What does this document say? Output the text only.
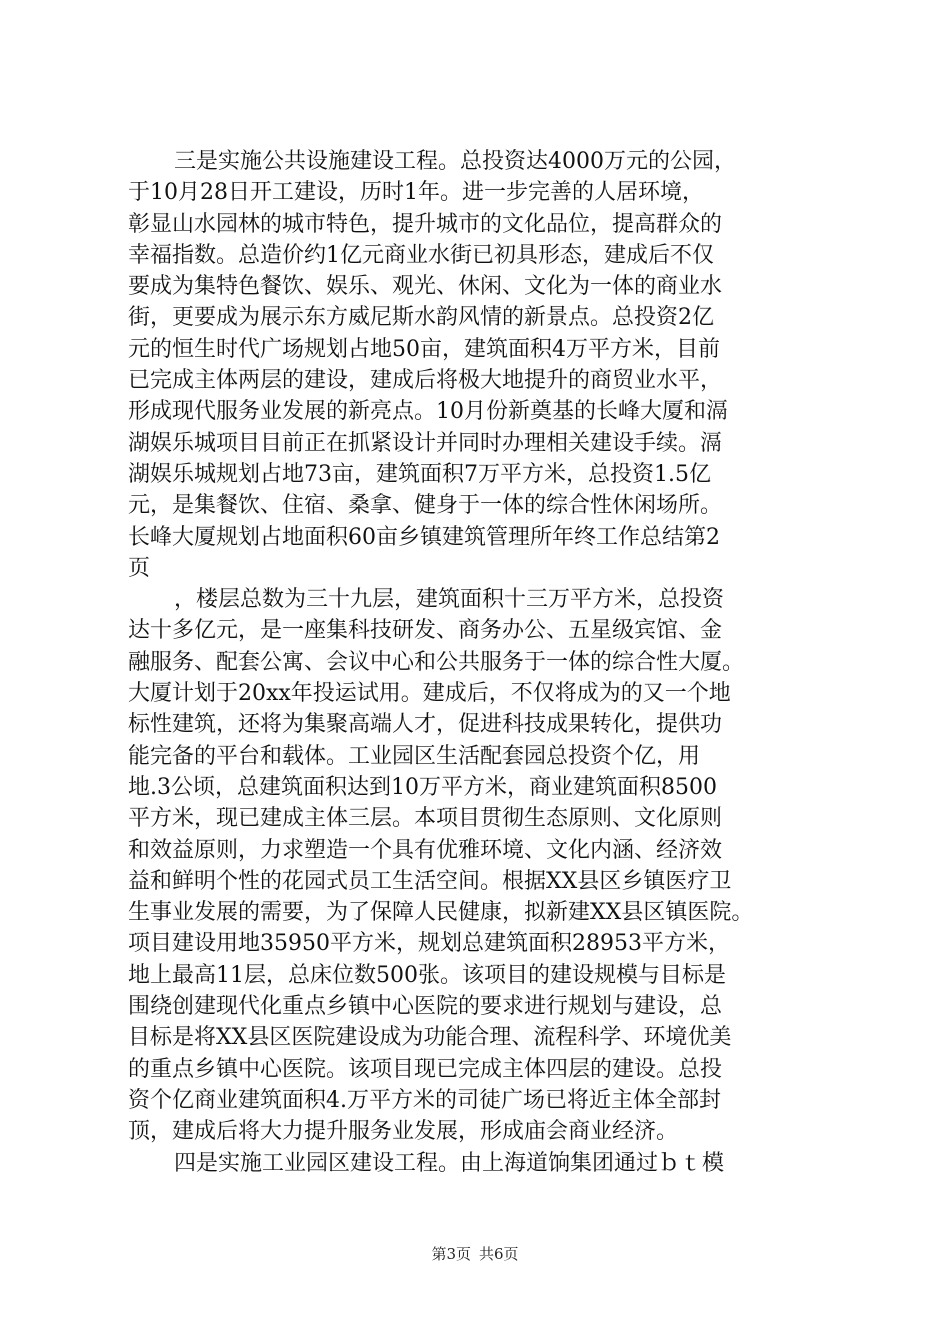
三是实施公共设施建设工程。总投资达4000万元的公园，
于10月28日开工建设，历时1年。进一步完善的人居环境，
彰显山水园林的城市特色，提升城市的文化品位，提高群众的
幸福指数。总造价约1亿元商业水街已初具形态，建成后不仅
要成为集特色餐饮、娱乐、观光、休闲、文化为一体的商业水
街，更要成为展示东方威尼斯水韵风情的新景点。总投资2亿
元的恒生时代广场规划占地50亩，建筑面积4万平方米，目前
已完成主体两层的建设，建成后将极大地提升的商贸业水平，
形成现代服务业发展的新亮点。10月份新奠基的长峰大厦和滆
湖娱乐城项目目前正在抓紧设计并同时办理相关建设手续。滆
湖娱乐城规划占地73亩，建筑面积7万平方米，总投资1.5亿
元，是集餐饮、住宿、桑拿、健身于一体的综合性休闲场所。
长峰大厦规划占地面积60亩乡镇建筑管理所年终工作总结第2
页
，楼层总数为三十九层，建筑面积十三万平方米，总投资
达十多亿元，是一座集科技研发、商务办公、五星级宾馆、金
融服务、配套公寓、会议中心和公共服务于一体的综合性大厦。
大厦计划于20xx年投运试用。建成后，不仅将成为的又一个地
标性建筑，还将为集聚高端人才，促进科技成果转化，提供功
能完备的平台和载体。工业园区生活配套园总投资个亿，用
地.3公顷，总建筑面积达到10万平方米，商业建筑面积8500
平方米，现已建成主体三层。本项目贯彻生态原则、文化原则
和效益原则，力求塑造一个具有优雅环境、文化内涵、经济效
益和鲜明个性的花园式员工生活空间。根据XX县区乡镇医疗卫
生事业发展的需要，为了保障人民健康，拟新建XX县区镇医院。
项目建设用地35950平方米，规划总建筑面积28953平方米，
地上最高11层，总床位数500张。该项目的建设规模与目标是
围绕创建现代化重点乡镇中心医院的要求进行规划与建设，总
目标是将XX县区医院建设成为功能合理、流程科学、环境优美
的重点乡镇中心医院。该项目现已完成主体四层的建设。总投
资个亿商业建筑面积4.万平方米的司徒广场已将近主体全部封
顶，建成后将大力提升服务业发展，形成庙会商业经济。
四是实施工业园区建设工程。由上海道饷集团通过ｂｔ模
第3页 共6页
